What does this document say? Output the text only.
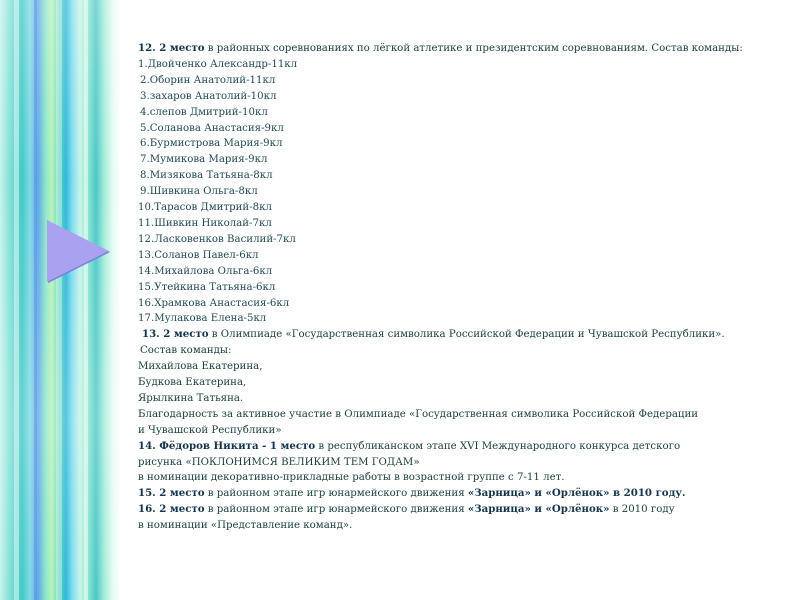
12. 2 место в районных соревнованиях по лёгкой атлетике и президентским соревнованиям. Состав команды:
1.Двойченко Александр-11кл
2.Оборин Анатолий-11кл
3.захаров Анатолий-10кл
4.слепов Дмитрий-10кл
5.Соланова Анастасия-9кл
6.Бурмистрова Мария-9кл
7.Мумикова Мария-9кл
8.Мизякова Татьяна-8кл
9.Шивкина Ольга-8кл
10.Тарасов Дмитрий-8кл
11.Шивкин Николай-7кл
12.Ласковенков Василий-7кл
13.Соланов Павел-6кл
14.Михайлова Ольга-6кл
15.Утейкина Татьяна-6кл
16.Храмкова Анастасия-6кл
17.Мулакова Елена-5кл
13. 2 место в Олимпиаде «Государственная символика Российской Федерации и Чувашской Республики».
Состав команды:
Михайлова Екатерина,
Будкова Екатерина,
Ярылкина Татьяна.
Благодарность за активное участие в Олимпиаде «Государственная символика Российской Федерации
и Чувашской Республики»
14. Фёдоров Никита - 1 место в республиканском этапе XVI Международного конкурса детского
рисунка «ПОКЛОНИМСЯ ВЕЛИКИМ ТЕМ ГОДАМ»
в номинации декоративно-прикладные работы в возрастной группе с 7-11 лет.
15. 2 место в районном этапе игр юнармейского движения «Зарница» и «Орлёнок» в 2010 году.
16. 2 место в районном этапе игр юнармейского движения «Зарница» и «Орлёнок» в 2010 году
в номинации «Представление команд».
